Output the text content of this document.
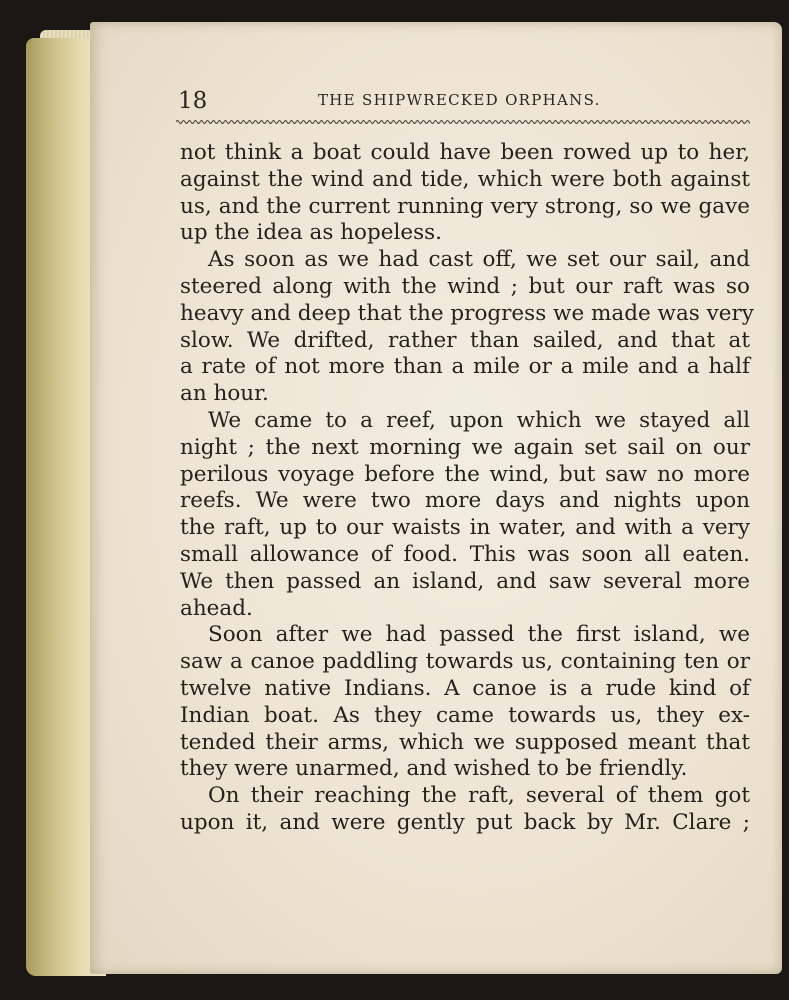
18	THE SHIPWRECKED ORPHANS.
not think a boat could have been rowed up to her,
against the wind and tide, which were both against
us, and the current running very strong, so we gave
up the idea as hopeless.
As soon as we had cast off, we set our sail, and
steered along with the wind ; but our raft was so
heavy and deep that the progress we made was very
slow. We drifted, rather than sailed, and that at
a rate of not more than a mile or a mile and a half
an hour.
We came to a reef, upon which we stayed all
night ; the next morning we again set sail on our
perilous voyage before the wind, but saw no more
reefs. We were two more days and nights upon
the raft, up to our waists in water, and with a very
small allowance of food. This was soon all eaten.
We then passed an island, and saw several more
ahead.
Soon after we had passed the first island, we
saw a canoe paddling towards us, containing ten or
twelve native Indians. A canoe is a rude kind of
Indian boat. As they came towards us, they ex-
tended their arms, which we supposed meant that
they were unarmed, and wished to be friendly.
On their reaching the raft, several of them got
upon it, and were gently put back by Mr. Clare ;
